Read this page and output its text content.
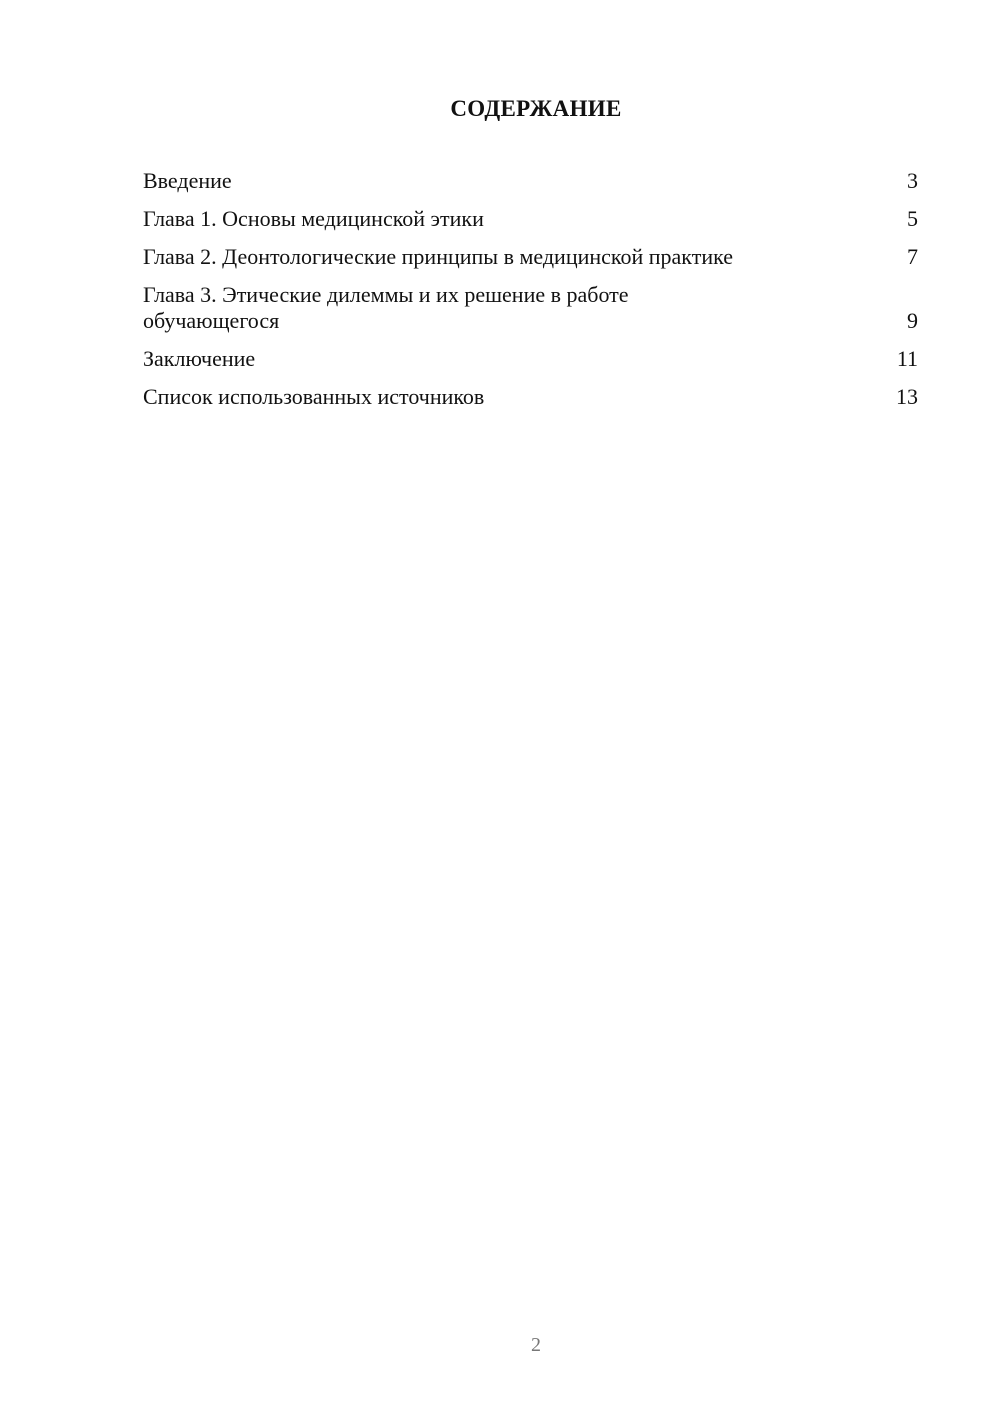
СОДЕРЖАНИЕ
Введение	3
Глава 1. Основы медицинской этики	5
Глава 2. Деонтологические принципы в медицинской практике	7
Глава 3. Этические дилеммы и их решение в работе обучающегося	9
Заключение	11
Список использованных источников	13
2
